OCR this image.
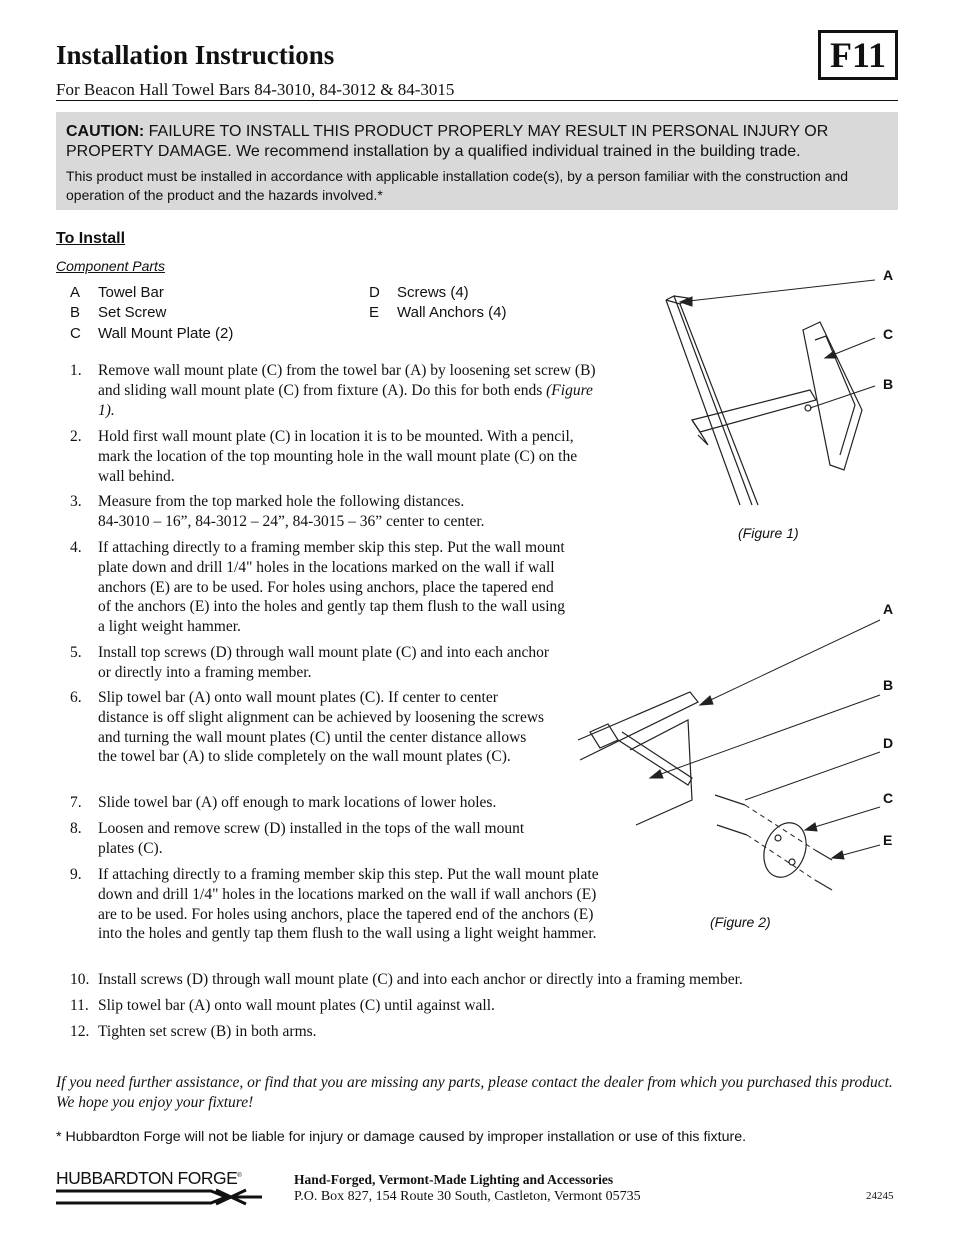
Installation Instructions	F11
For Beacon Hall Towel Bars 84-3010, 84-3012 & 84-3015
CAUTION: FAILURE TO INSTALL THIS PRODUCT PROPERLY MAY RESULT IN PERSONAL INJURY OR PROPERTY DAMAGE. We recommend installation by a qualified individual trained in the building trade.
This product must be installed in accordance with applicable installation code(s), by a person familiar with the construction and operation of the product and the hazards involved.*
To Install
Component Parts
A Towel Bar
B Set Screw
C Wall Mount Plate (2)
D Screws (4)
E Wall Anchors (4)
1. Remove wall mount plate (C) from the towel bar (A) by loosening set screw (B) and sliding wall mount plate (C) from fixture (A). Do this for both ends (Figure 1).
2. Hold first wall mount plate (C) in location it is to be mounted. With a pencil, mark the location of the top mounting hole in the wall mount plate (C) on the wall behind.
3. Measure from the top marked hole the following distances.
84-3010 – 16”, 84-3012 – 24”, 84-3015 – 36” center to center.
4. If attaching directly to a framing member skip this step. Put the wall mount plate down and drill 1/4" holes in the locations marked on the wall if wall anchors (E) are to be used. For holes using anchors, place the tapered end of the anchors (E) into the holes and gently tap them flush to the wall using a light weight hammer.
5. Install top screws (D) through wall mount plate (C) and into each anchor or directly into a framing member.
6. Slip towel bar (A) onto wall mount plates (C). If center to center distance is off slight alignment can be achieved by loosening the screws and turning the wall mount plates (C) until the center distance allows the towel bar (A) to slide completely on the wall mount plates (C).
7. Slide towel bar (A) off enough to mark locations of lower holes.
8. Loosen and remove screw (D) installed in the tops of the wall mount plates (C).
9. If attaching directly to a framing member skip this step. Put the wall mount plate down and drill 1/4" holes in the locations marked on the wall if wall anchors (E) are to be used. For holes using anchors, place the tapered end of the anchors (E) into the holes and gently tap them flush to the wall using a light weight hammer.
10. Install screws (D) through wall mount plate (C) and into each anchor or directly into a framing member.
11. Slip towel bar (A) onto wall mount plates (C) until against wall.
12. Tighten set screw (B) in both arms.
A
C
B
(Figure 1)
A
B
D
C
E
(Figure 2)
If you need further assistance, or find that you are missing any parts, please contact the dealer from which you purchased this product. We hope you enjoy your fixture!
* Hubbardton Forge will not be liable for injury or damage caused by improper installation or use of this fixture.
HUBBARDTON FORGE®	Hand-Forged, Vermont-Made Lighting and Accessories
P.O. Box 827, 154 Route 30 South, Castleton, Vermont 05735	24245
